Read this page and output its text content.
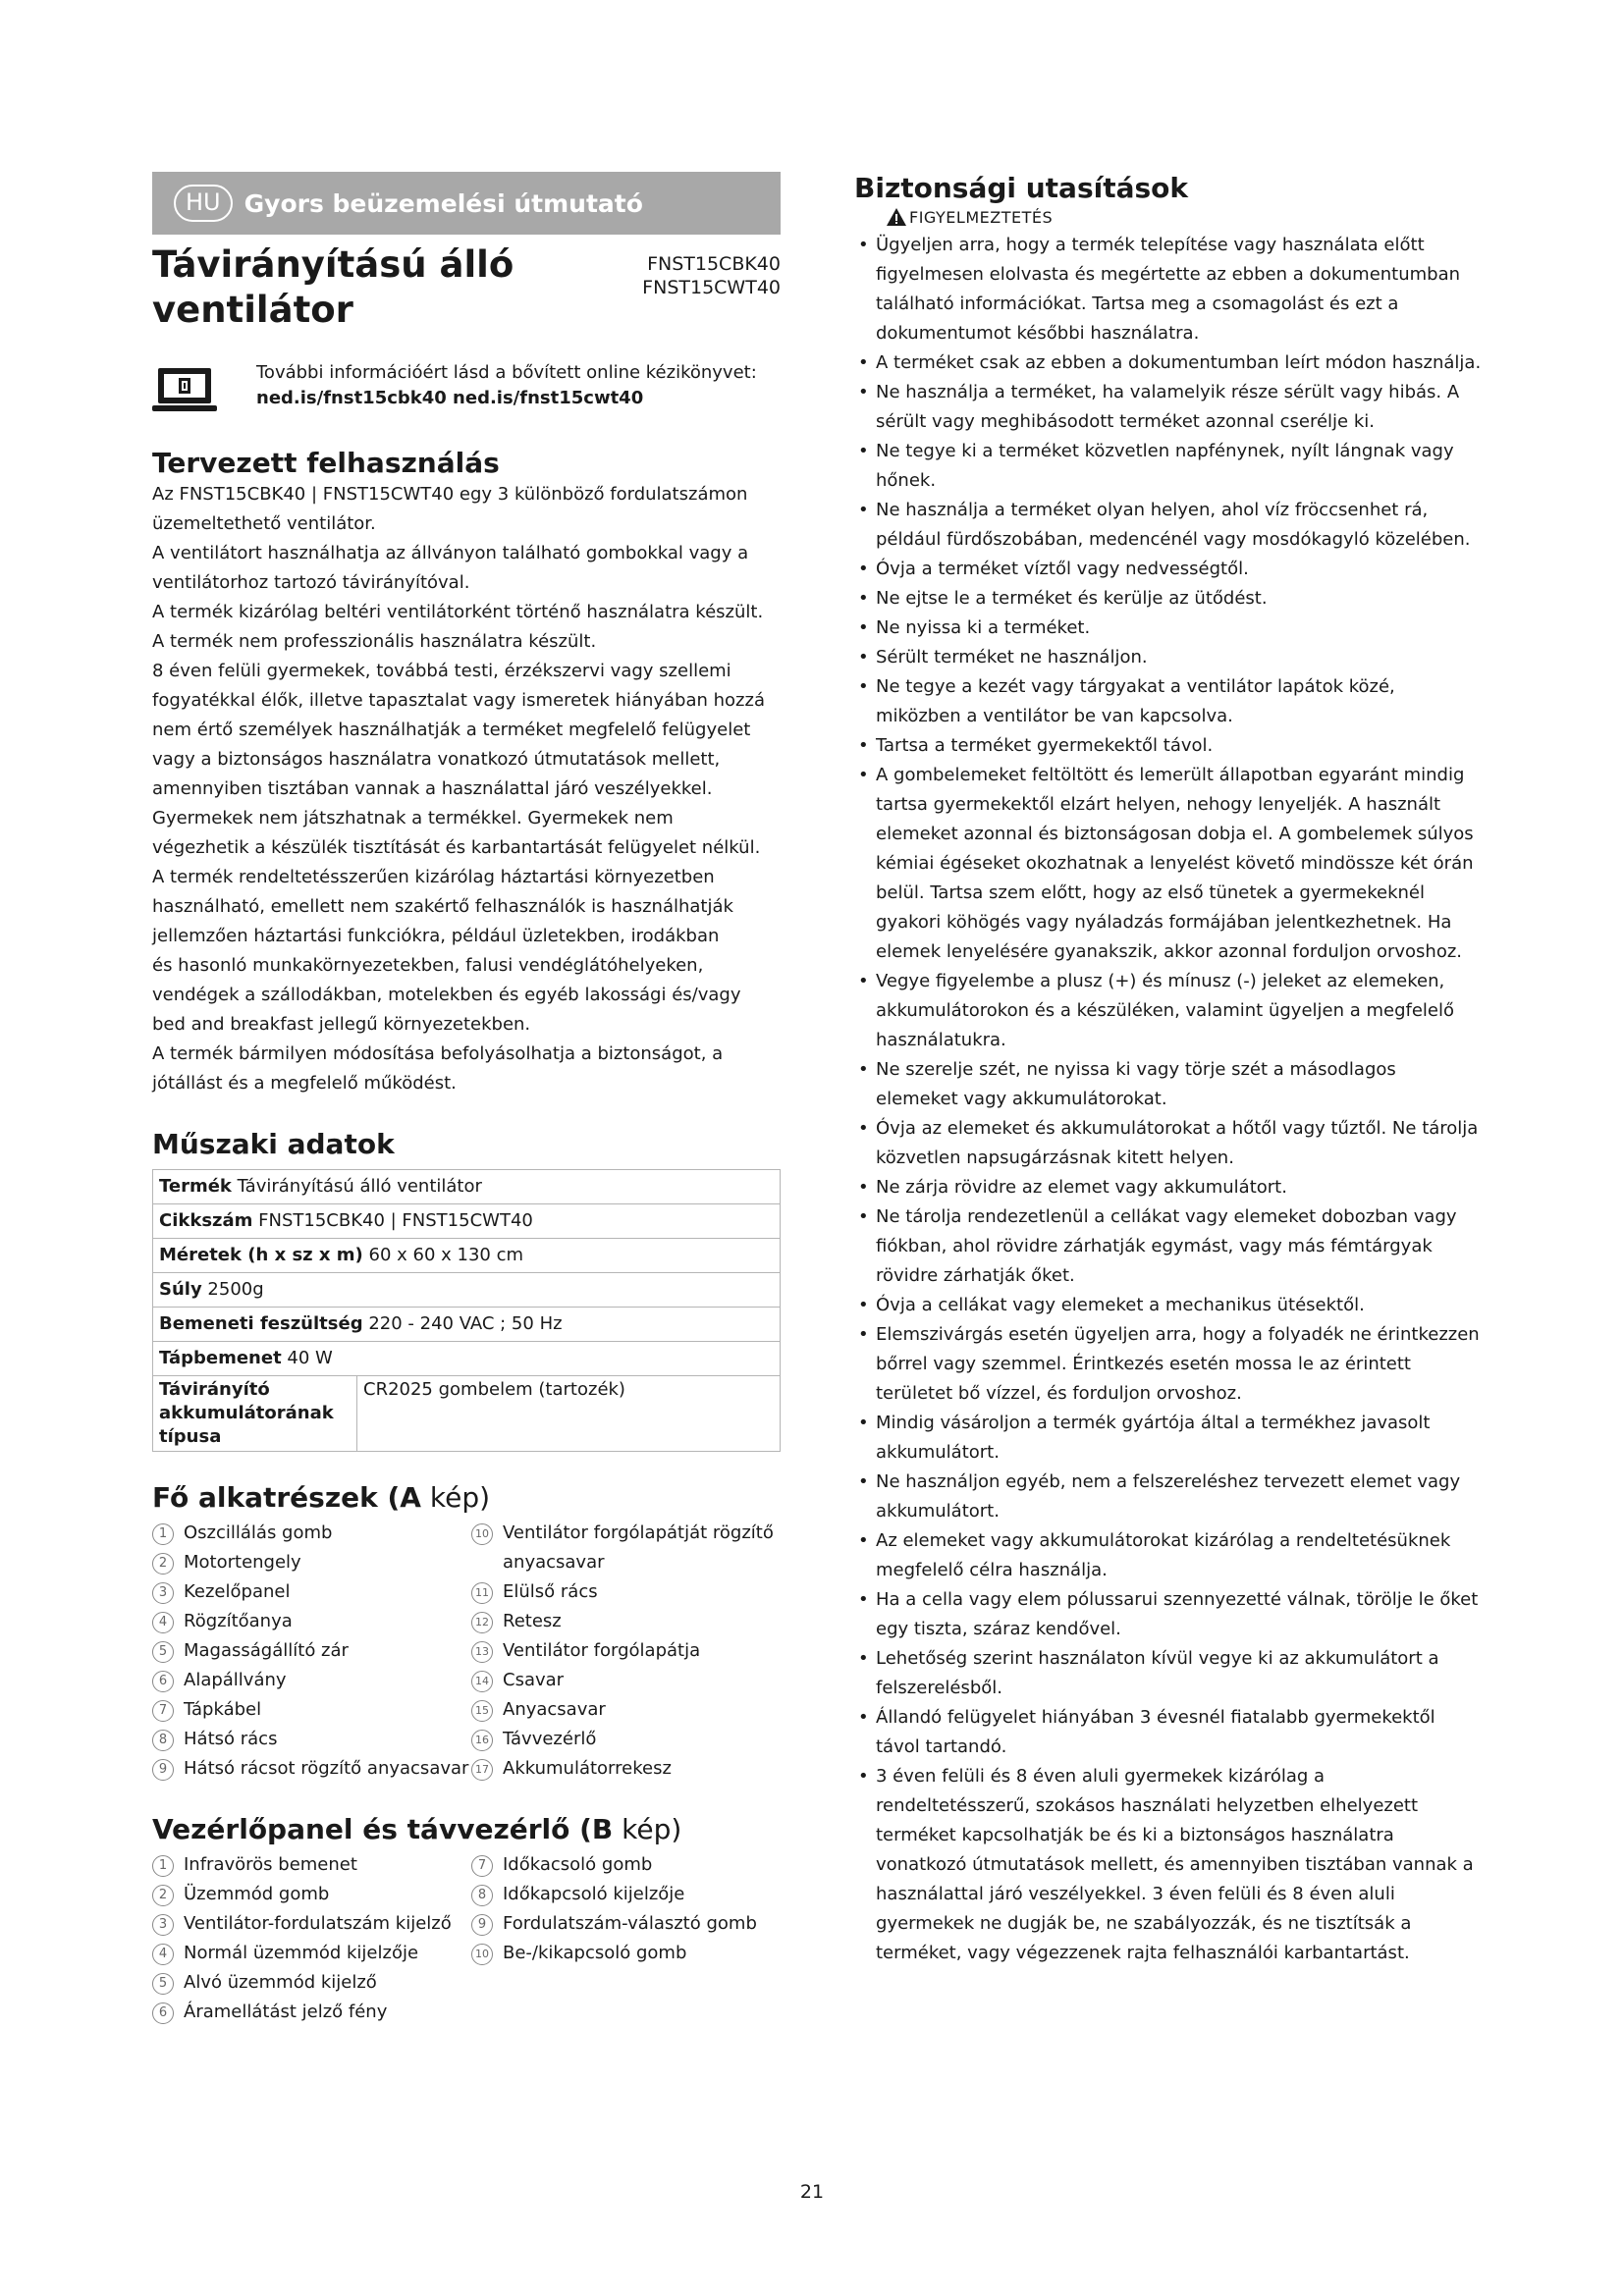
HU Gyors beüzemelési útmutató
Távirányítású álló ventilátor
FNST15CBK40
FNST15CWT40
További információért lásd a bővített online kézikönyvet:
ned.is/fnst15cbk40 ned.is/fnst15cwt40
Tervezett felhasználás

Az FNST15CBK40 | FNST15CWT40 egy 3 különböző fordulatszámon

üzemeltethető ventilátor.

A ventilátort használhatja az állványon található gombokkal vagy a

ventilátorhoz tartozó távirányítóval.

A termék kizárólag beltéri ventilátorként történő használatra készült.

A termék nem professzionális használatra készült.

8 éven felüli gyermekek, továbbá testi, érzékszervi vagy szellemi

fogyatékkal élők, illetve tapasztalat vagy ismeretek hiányában hozzá

nem értő személyek használhatják a terméket megfelelő felügyelet

vagy a biztonságos használatra vonatkozó útmutatások mellett,

amennyiben tisztában vannak a használattal járó veszélyekkel.

Gyermekek nem játszhatnak a termékkel. Gyermekek nem

végezhetik a készülék tisztítását és karbantartását felügyelet nélkül.

A termék rendeltetésszerűen kizárólag háztartási környezetben

használható, emellett nem szakértő felhasználók is használhatják

jellemzően háztartási funkciókra, például üzletekben, irodákban

és hasonló munkakörnyezetekben, falusi vendéglátóhelyeken,

vendégek a szállodákban, motelekben és egyéb lakossági és/vagy

bed and breakfast jellegű környezetekben.

A termék bármilyen módosítása befolyásolhatja a biztonságot, a

jótállást és a megfelelő működést.

Műszaki adatok
Termék Távirányítású álló ventilátor
Cikkszám FNST15CBK40 | FNST15CWT40
Méretek (h x sz x m) 60 x 60 x 130 cm
Súly 2500g
Bemeneti feszültség 220 - 240 VAC ; 50 Hz
Tápbemenet 40 W
Távirányító akkumulátorának típusa	CR2025 gombelem (tartozék)
Fő alkatrészek (A kép)
1 Oszcillálás gomb
2 Motortengely
3 Kezelőpanel
4 Rögzítőanya
5 Magasságállító zár
6 Alapállvány
7 Tápkábel
8 Hátsó rács
9 Hátsó rácsot rögzítő anyacsavar
10 Ventilátor forgólapátját rögzítő anyacsavar
11 Elülső rács
12 Retesz
13 Ventilátor forgólapátja
14 Csavar
15 Anyacsavar
16 Távvezérlő
17 Akkumulátorrekesz
Vezérlőpanel és távvezérlő (B kép)
1 Infravörös bemenet
2 Üzemmód gomb
3 Ventilátor-fordulatszám kijelző
4 Normál üzemmód kijelzője
5 Alvó üzemmód kijelző
6 Áramellátást jelző fény
7 Időkacsoló gomb
8 Időkapcsoló kijelzője
9 Fordulatszám-választó gomb
10 Be-/kikapcsoló gomb
Biztonsági utasítások
FIGYELMEZTETÉS
• Ügyeljen arra, hogy a termék telepítése vagy használata előtt figyelmesen elolvasta és megértette az ebben a dokumentumban található információkat. Tartsa meg a csomagolást és ezt a dokumentumot későbbi használatra.
• A terméket csak az ebben a dokumentumban leírt módon használja.
• Ne használja a terméket, ha valamelyik része sérült vagy hibás. A sérült vagy meghibásodott terméket azonnal cserélje ki.
• Ne tegye ki a terméket közvetlen napfénynek, nyílt lángnak vagy hőnek.
• Ne használja a terméket olyan helyen, ahol víz fröccsenhet rá, például fürdőszobában, medencénél vagy mosdókagyló közelében.
• Óvja a terméket víztől vagy nedvességtől.
• Ne ejtse le a terméket és kerülje az ütődést.
• Ne nyissa ki a terméket.
• Sérült terméket ne használjon.
• Ne tegye a kezét vagy tárgyakat a ventilátor lapátok közé, miközben a ventilátor be van kapcsolva.
• Tartsa a terméket gyermekektől távol.
• A gombelemeket feltöltött és lemerült állapotban egyaránt mindig tartsa gyermekektől elzárt helyen, nehogy lenyeljék. A használt elemeket azonnal és biztonságosan dobja el. A gombelemek súlyos kémiai égéseket okozhatnak a lenyelést követő mindössze két órán belül. Tartsa szem előtt, hogy az első tünetek a gyermekeknél gyakori köhögés vagy nyáladzás formájában jelentkezhetnek. Ha elemek lenyelésére gyanakszik, akkor azonnal forduljon orvoshoz.
• Vegye figyelembe a plusz (+) és mínusz (-) jeleket az elemeken, akkumulátorokon és a készüléken, valamint ügyeljen a megfelelő használatukra.
• Ne szerelje szét, ne nyissa ki vagy törje szét a másodlagos elemeket vagy akkumulátorokat.
• Óvja az elemeket és akkumulátorokat a hőtől vagy tűztől. Ne tárolja közvetlen napsugárzásnak kitett helyen.
• Ne zárja rövidre az elemet vagy akkumulátort.
• Ne tárolja rendezetlenül a cellákat vagy elemeket dobozban vagy fiókban, ahol rövidre zárhatják egymást, vagy más fémtárgyak rövidre zárhatják őket.
• Óvja a cellákat vagy elemeket a mechanikus ütésektől.
• Elemszivárgás esetén ügyeljen arra, hogy a folyadék ne érintkezzen bőrrel vagy szemmel. Érintkezés esetén mossa le az érintett területet bő vízzel, és forduljon orvoshoz.
• Mindig vásároljon a termék gyártója által a termékhez javasolt akkumulátort.
• Ne használjon egyéb, nem a felszereléshez tervezett elemet vagy akkumulátort.
• Az elemeket vagy akkumulátorokat kizárólag a rendeltetésüknek megfelelő célra használja.
• Ha a cella vagy elem pólussarui szennyezetté válnak, törölje le őket egy tiszta, száraz kendővel.
• Lehetőség szerint használaton kívül vegye ki az akkumulátort a felszerelésből.
• Állandó felügyelet hiányában 3 évesnél fiatalabb gyermekektől távol tartandó.
• 3 éven felüli és 8 éven aluli gyermekek kizárólag a rendeltetésszerű, szokásos használati helyzetben elhelyezett terméket kapcsolhatják be és ki a biztonságos használatra vonatkozó útmutatások mellett, és amennyiben tisztában vannak a használattal járó veszélyekkel. 3 éven felüli és 8 éven aluli gyermekek ne dugják be, ne szabályozzák, és ne tisztítsák a terméket, vagy végezzenek rajta felhasználói karbantartást.
21
